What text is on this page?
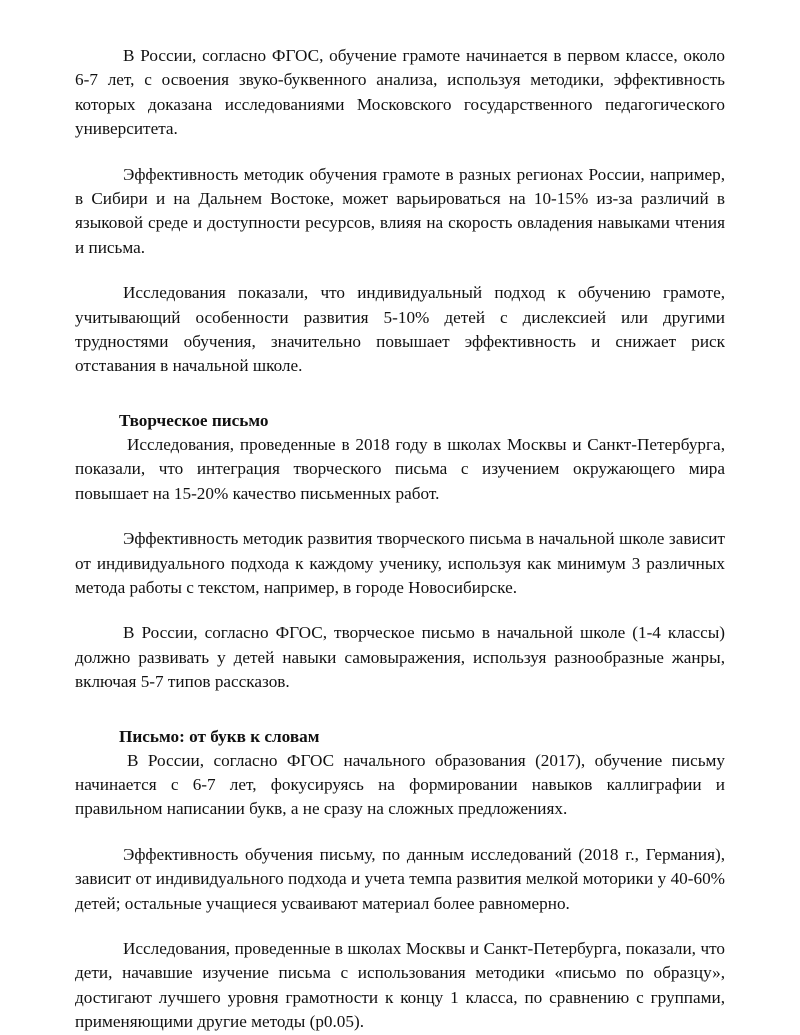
В России, согласно ФГОС, обучение грамоте начинается в первом классе, около 6-7 лет, с освоения звуко-буквенного анализа, используя методики, эффективность которых доказана исследованиями Московского государственного педагогического университета.

Эффективность методик обучения грамоте в разных регионах России, например, в Сибири и на Дальнем Востоке, может варьироваться на 10-15% из-за различий в языковой среде и доступности ресурсов, влияя на скорость овладения навыками чтения и письма.

Исследования показали, что индивидуальный подход к обучению грамоте, учитывающий особенности развития 5-10% детей с дислексией или другими трудностями обучения, значительно повышает эффективность и снижает риск отставания в начальной школе.

Творческое письмо

Исследования, проведенные в 2018 году в школах Москвы и Санкт-Петербурга, показали, что интеграция творческого письма с изучением окружающего мира повышает на 15-20% качество письменных работ.

Эффективность методик развития творческого письма в начальной школе зависит от индивидуального подхода к каждому ученику, используя как минимум 3 различных метода работы с текстом, например, в городе Новосибирске.

В России, согласно ФГОС, творческое письмо в начальной школе (1-4 классы) должно развивать у детей навыки самовыражения, используя разнообразные жанры, включая 5-7 типов рассказов.

Письмо: от букв к словам

В России, согласно ФГОС начального образования (2017), обучение письму начинается с 6-7 лет, фокусируясь на формировании навыков каллиграфии и правильном написании букв, а не сразу на сложных предложениях.

Эффективность обучения письму, по данным исследований (2018 г., Германия), зависит от индивидуального подхода и учета темпа развития мелкой моторики у 40-60% детей; остальные учащиеся усваивают материал более равномерно.

Исследования, проведенные в школах Москвы и Санкт-Петербурга, показали, что дети, начавшие изучение письма с использования методики «письмо по образцу», достигают лучшего уровня грамотности к концу 1 класса, по сравнению с группами, применяющими другие методы (p0.05).
